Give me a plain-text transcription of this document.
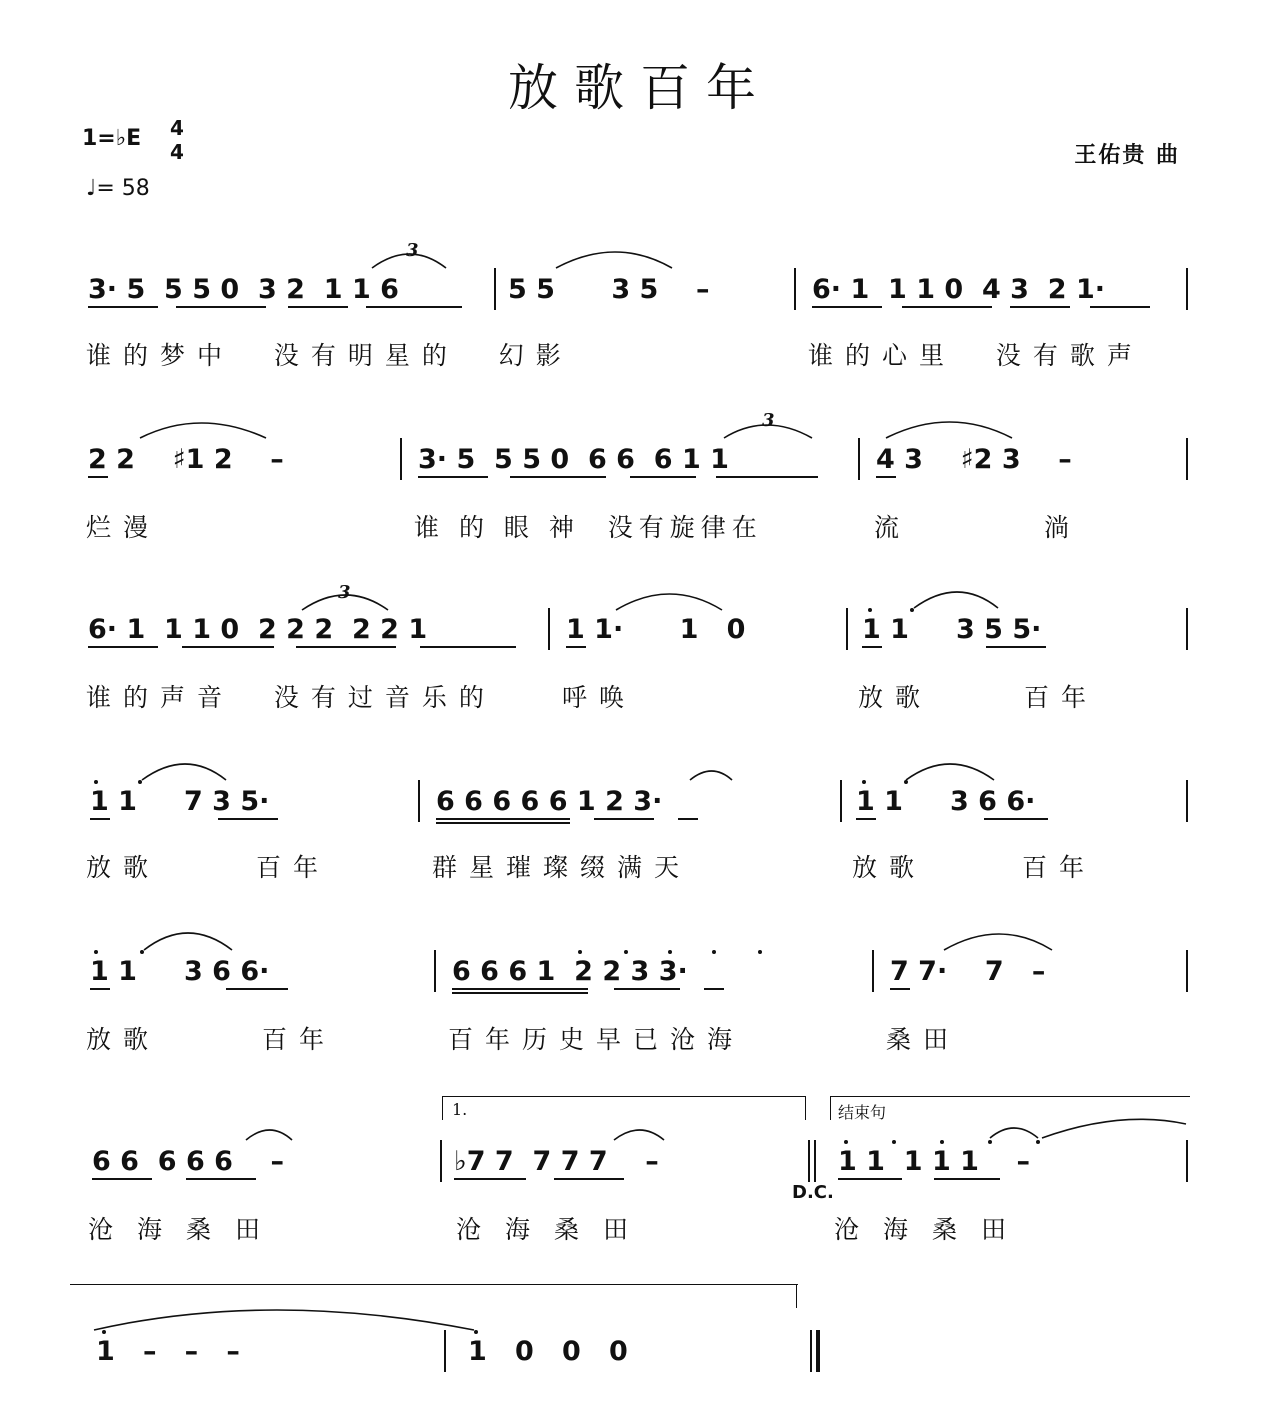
放歌百年
1=♭E 4
4
♩= 58
王佑贵 曲
3· 5  5 5 0  3 2  1 1 6	5 5      3 5    –	6· 1  1 1 0  4 3  2 1·
3
谁的梦中  没有明星的  幻影	谁的心里  没有歌声
2 2    ♯1 2    –	3· 5  5 5 0  6 6  6 1 1	4 3    ♯2 3    –
3
烂漫	谁 的 眼 神  没有旋律在	流	淌
6· 1  1 1 0  2 2 2  2 2 1	1 1·      1   0	1 1     3 5 5·
3
谁的声音  没有过音乐的	呼唤	放歌	百年
1 1     7 3 5·	6 6 6 6 6 1 2 3·	1 1     3 6 6·
放歌	百年	群星璀璨缀满天	放歌	百年
1 1     3 6 6·	6 6 6 1  2 2 3 3·	7 7·    7   –
放歌	百年	百年历史早已沧海	桑田
1.	结束句
6 6  6 6 6    –	♭7 7  7 7 7    –
D.C.
1 1  1 1 1    –
沧海桑田	沧海桑田	沧海桑田
1   –   –   –	1   0   0   0
